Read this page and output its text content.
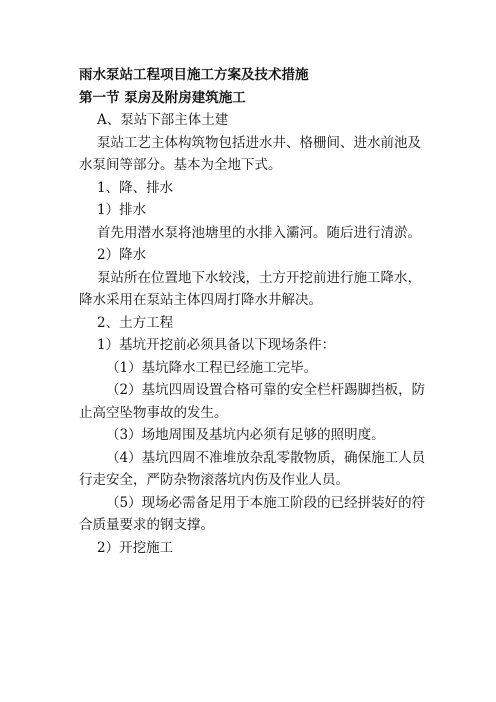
雨水泵站工程项目施工方案及技术措施

第一节 泵房及附房建筑施工

A、泵站下部主体土建

泵站工艺主体构筑物包括进水井、格栅间、进水前池及

水泵间等部分。基本为全地下式。

1、降、排水

1）排水

首先用潜水泵将池塘里的水排入灞河。随后进行清淤。

2）降水

泵站所在位置地下水较浅，土方开挖前进行施工降水，

降水采用在泵站主体四周打降水井解决。

2、土方工程

1）基坑开挖前必须具备以下现场条件：

（1）基坑降水工程已经施工完毕。

（2）基坑四周设置合格可靠的安全栏杆踢脚挡板，防

止高空坠物事故的发生。

（3）场地周围及基坑内必须有足够的照明度。

（4）基坑四周不准堆放杂乱零散物质，确保施工人员

行走安全，严防杂物滚落坑内伤及作业人员。

（5）现场必需备足用于本施工阶段的已经拼装好的符

合质量要求的钢支撑。

2）开挖施工
